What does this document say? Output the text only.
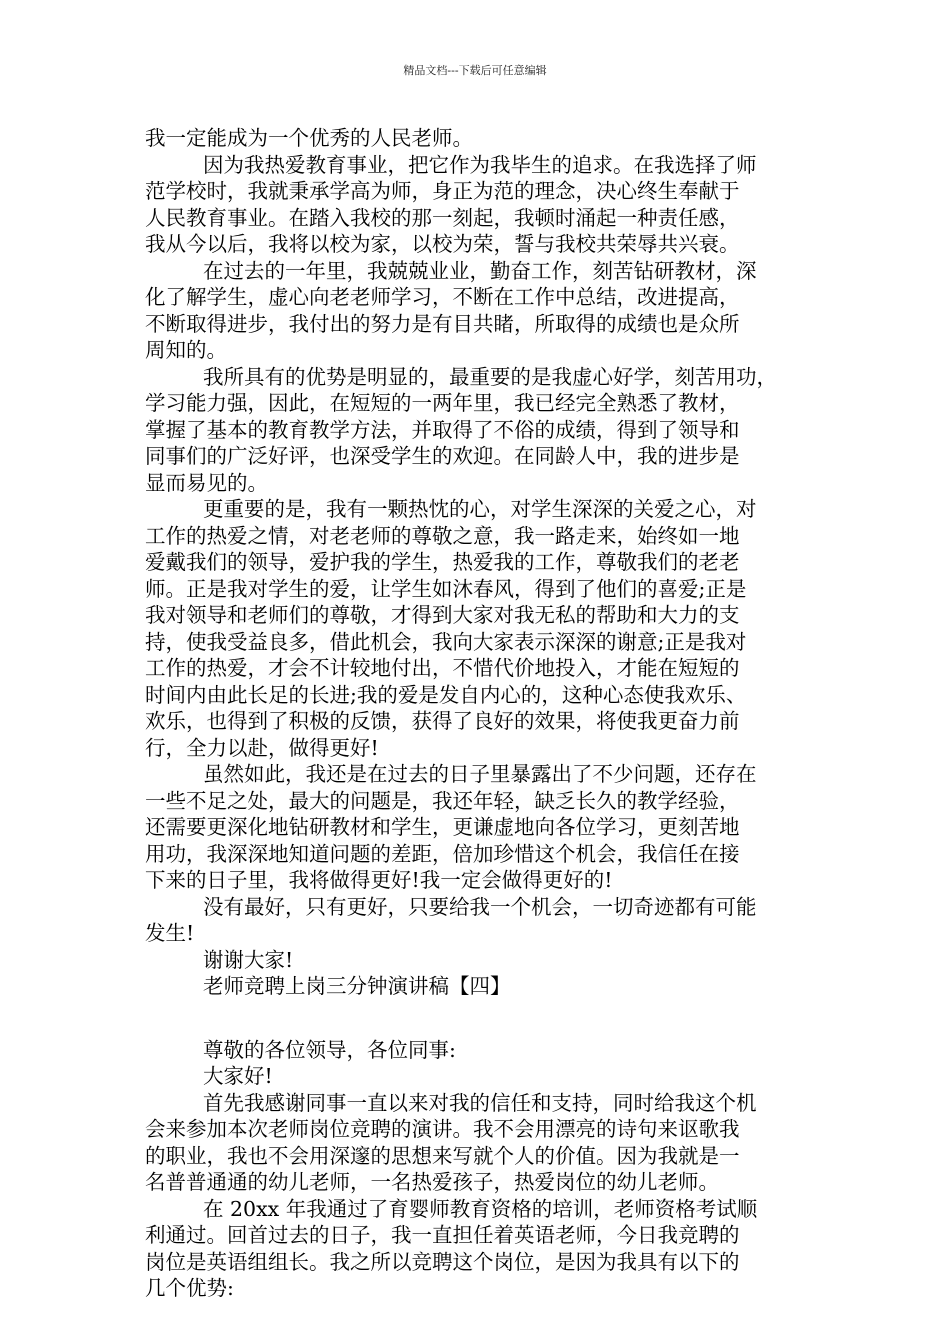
精品文档---下载后可任意编辑
我一定能成为一个优秀的人民老师。
因为我热爱教育事业，把它作为我毕生的追求。在我选择了师
范学校时，我就秉承学高为师，身正为范的理念，决心终生奉献于
人民教育事业。在踏入我校的那一刻起，我顿时涌起一种责任感，
我从今以后，我将以校为家，以校为荣，誓与我校共荣辱共兴衰。
在过去的一年里，我兢兢业业，勤奋工作，刻苦钻研教材，深
化了解学生，虚心向老老师学习，不断在工作中总结，改进提高，
不断取得进步，我付出的努力是有目共睹，所取得的成绩也是众所
周知的。
我所具有的优势是明显的，最重要的是我虚心好学，刻苦用功，
学习能力强，因此，在短短的一两年里，我已经完全熟悉了教材，
掌握了基本的教育教学方法，并取得了不俗的成绩，得到了领导和
同事们的广泛好评，也深受学生的欢迎。在同龄人中，我的进步是
显而易见的。
更重要的是，我有一颗热忱的心，对学生深深的关爱之心，对
工作的热爱之情，对老老师的尊敬之意，我一路走来，始终如一地
爱戴我们的领导，爱护我的学生，热爱我的工作，尊敬我们的老老
师。正是我对学生的爱，让学生如沐春风，得到了他们的喜爱;正是
我对领导和老师们的尊敬，才得到大家对我无私的帮助和大力的支
持，使我受益良多，借此机会，我向大家表示深深的谢意;正是我对
工作的热爱，才会不计较地付出，不惜代价地投入，才能在短短的
时间内由此长足的长进;我的爱是发自内心的，这种心态使我欢乐、
欢乐，也得到了积极的反馈，获得了良好的效果，将使我更奋力前
行，全力以赴，做得更好!
虽然如此，我还是在过去的日子里暴露出了不少问题，还存在
一些不足之处，最大的问题是，我还年轻，缺乏长久的教学经验，
还需要更深化地钻研教材和学生，更谦虚地向各位学习，更刻苦地
用功，我深深地知道问题的差距，倍加珍惜这个机会，我信任在接
下来的日子里，我将做得更好!我一定会做得更好的!
没有最好，只有更好，只要给我一个机会，一切奇迹都有可能
发生!
谢谢大家!
老师竞聘上岗三分钟演讲稿【四】
尊敬的各位领导，各位同事:
大家好!
首先我感谢同事一直以来对我的信任和支持，同时给我这个机
会来参加本次老师岗位竞聘的演讲。我不会用漂亮的诗句来讴歌我
的职业，我也不会用深邃的思想来写就个人的价值。因为我就是一
名普普通通的幼儿老师，一名热爱孩子，热爱岗位的幼儿老师。
在 20xx 年我通过了育婴师教育资格的培训，老师资格考试顺
利通过。回首过去的日子，我一直担任着英语老师，今日我竞聘的
岗位是英语组组长。我之所以竞聘这个岗位，是因为我具有以下的
几个优势:
